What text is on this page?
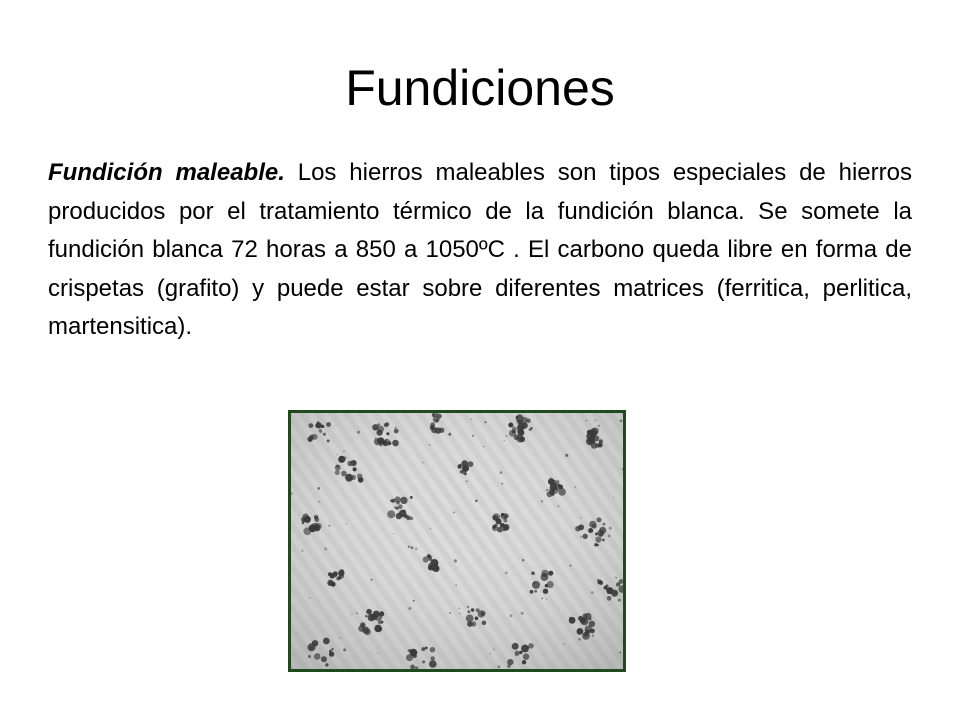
Fundiciones

Fundición maleable. Los hierros maleables son tipos especiales de hierros producidos por el tratamiento térmico de la fundición blanca. Se somete la fundición blanca 72 horas a 850 a 1050ºC . El carbono queda libre en forma de crispetas (grafito) y puede estar sobre diferentes matrices (ferritica, perlitica, martensitica).
